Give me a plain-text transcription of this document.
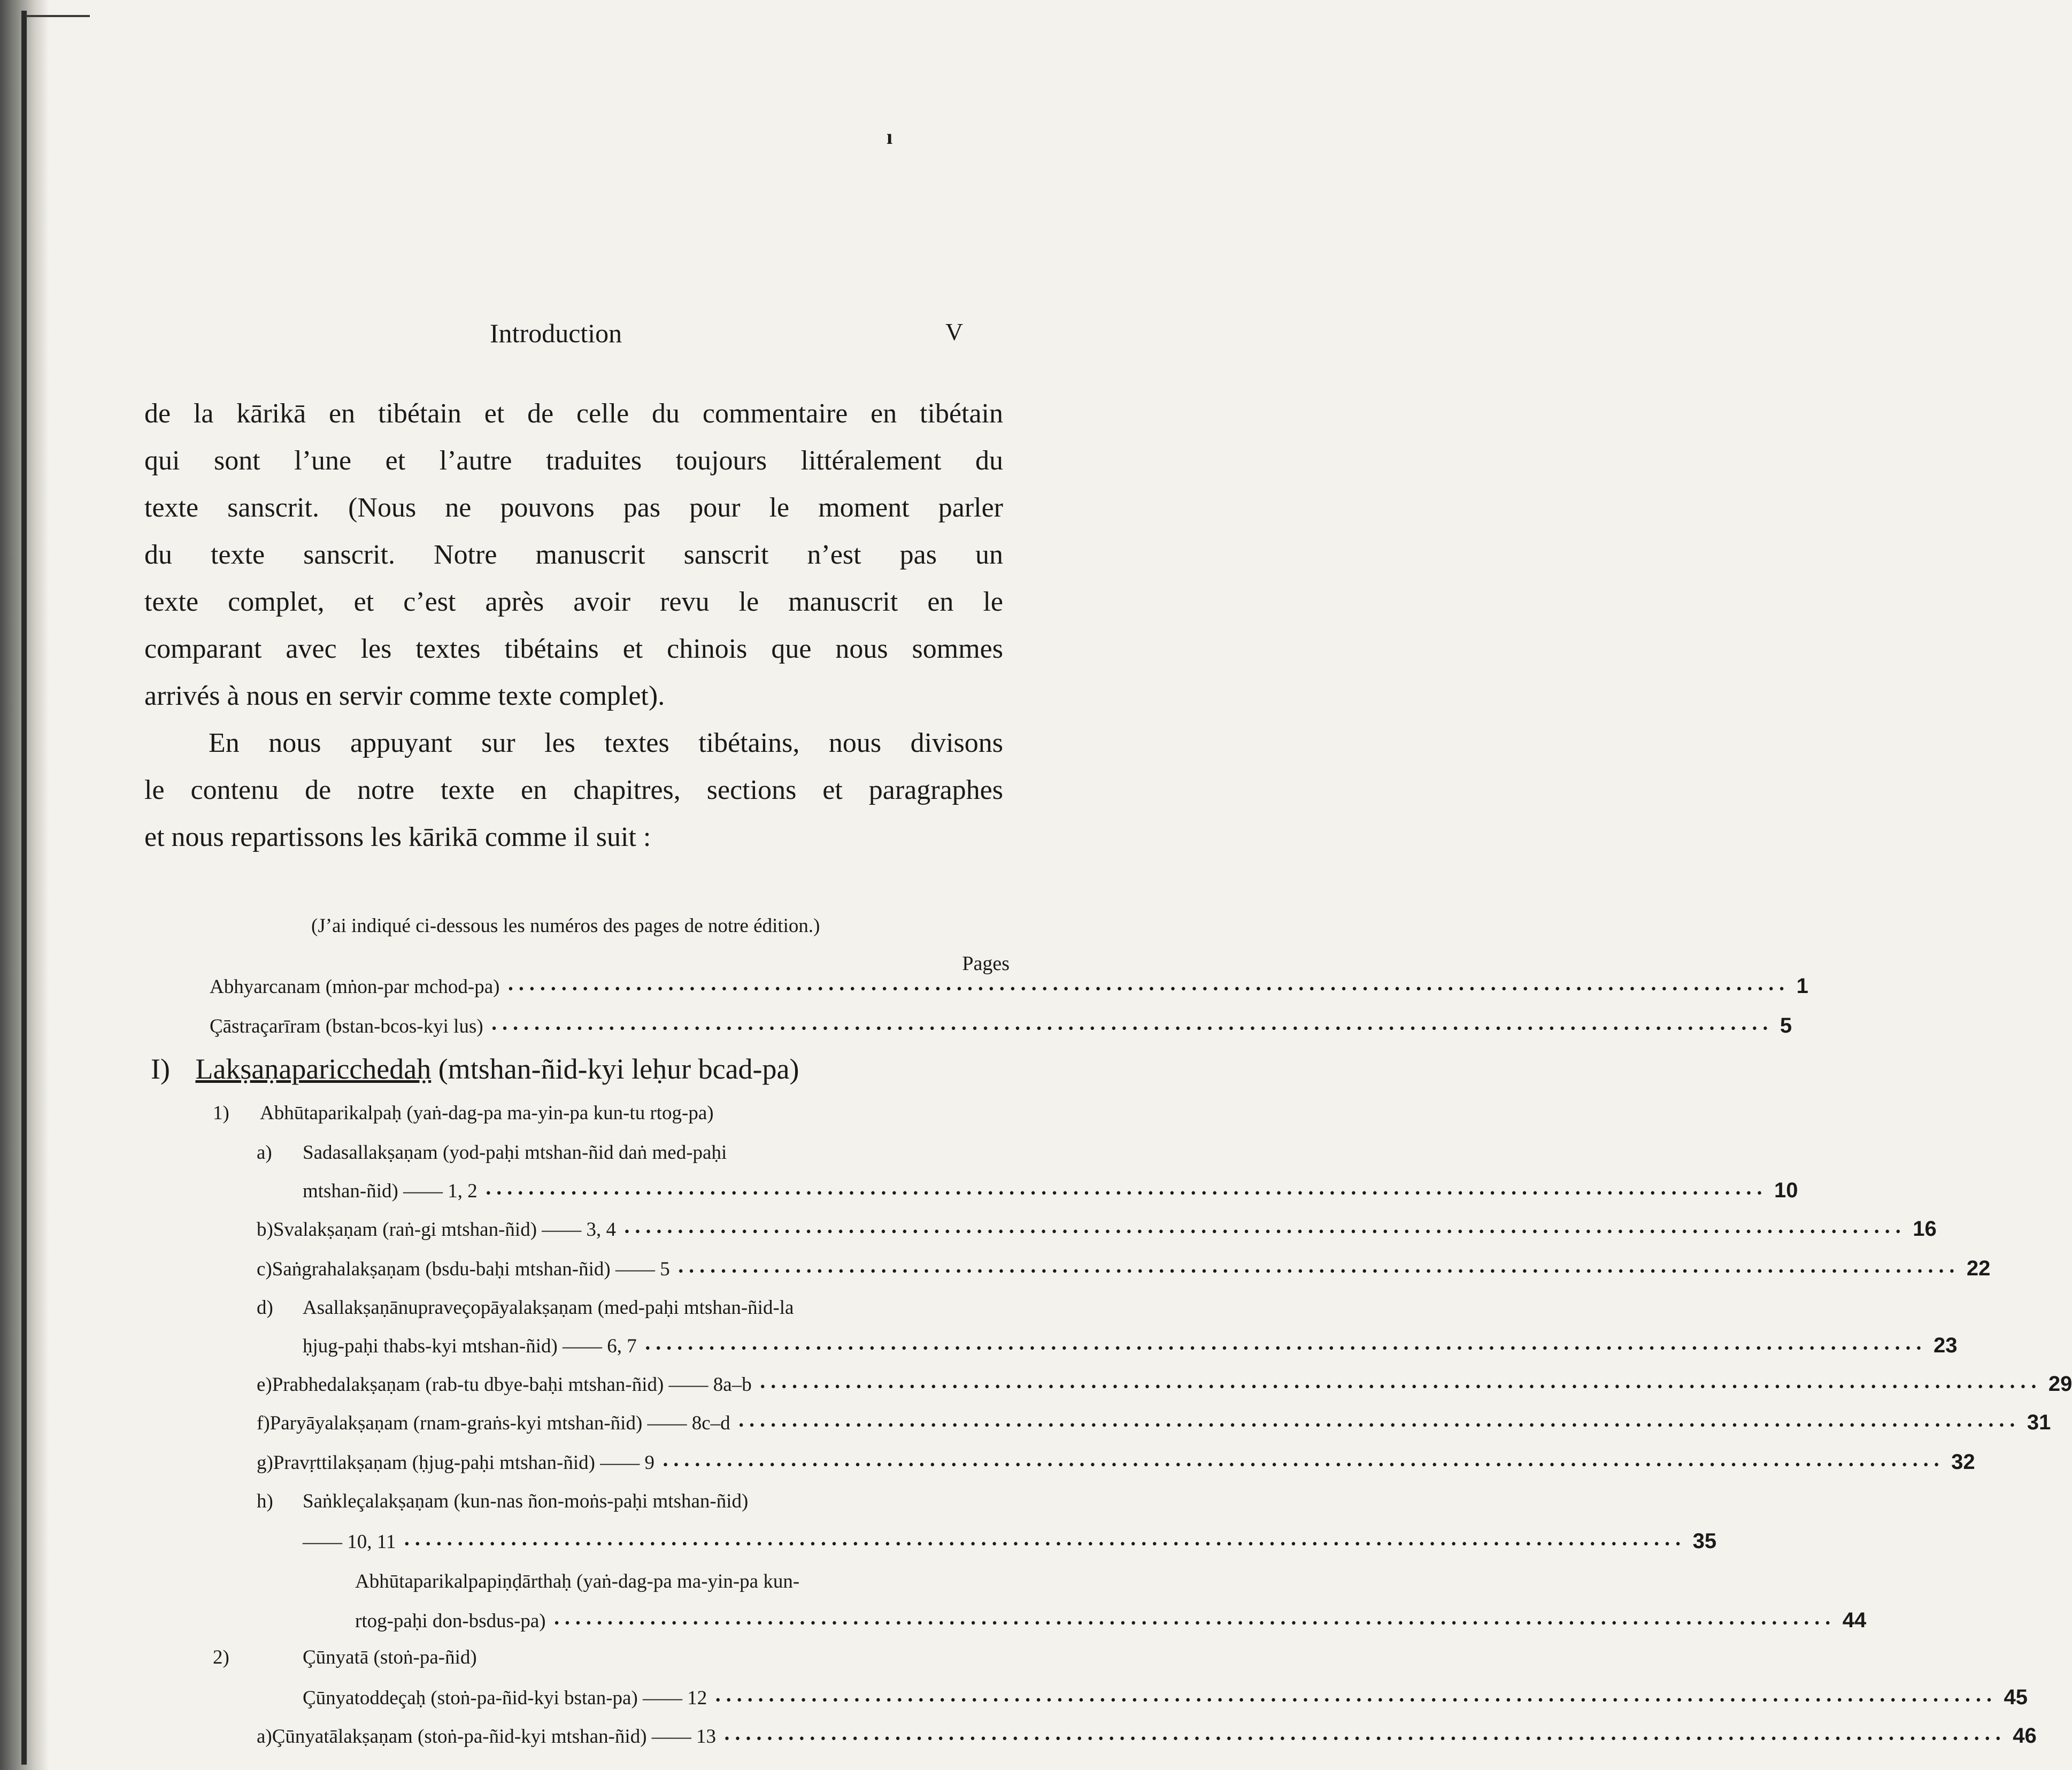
ı
Introduction	V
de la kārikā en tibétain et de celle du commentaire en tibétain
qui sont l’une et l’autre traduites toujours littéralement du
texte sanscrit. (Nous ne pouvons pas pour le moment parler
du texte sanscrit. Notre manuscrit sanscrit n’est pas un
texte complet, et c’est après avoir revu le manuscrit en le
comparant avec les textes tibétains et chinois que nous sommes
arrivés à nous en servir comme texte complet).
En nous appuyant sur les textes tibétains, nous divisons
le contenu de notre texte en chapitres, sections et paragraphes
et nous repartissons les kārikā comme il suit :
(J’ai indiqué ci-dessous les numéros des pages de notre édition.)
Pages
Abhyarcanam (mṅon-par mchod-pa) •••••••••••••••••••••••••••••••••••••••••••••••••••••••••••••••••••••••••••••••••••••••••••••••••••••••••••••••••••••••• 1
Çāstraçarīram (bstan-bcos-kyi lus) •••••••••••••••••••••••••••••••••••••••••••••••••••••••••••••••••••••••••••••••••••••••••••••••••••••••••••••••••••••••• 5
I) Lakṣaṇaparicchedaḥ (mtshan-ñid-kyi leḥur bcad-pa)
1)	Abhūtaparikalpaḥ (yaṅ-dag-pa ma-yin-pa kun-tu rtog-pa)
a)	Sadasallakṣaṇam (yod-paḥi mtshan-ñid daṅ med-paḥi
mtshan-ñid) —— 1, 2 •••••••••••••••••••••••••••••••••••••••••••••••••••••••••••••••••••••••••••••••••••••••••••••••••••••••••••••••••••••••• 10
b) Svalakṣaṇam (raṅ-gi mtshan-ñid) —— 3, 4 •••••••••••••••••••••••••••••••••••••••••••••••••••••••••••••••••••••••••••••••••••••••••••••••••••••••••••••••••••••••• 16
c) Saṅgrahalakṣaṇam (bsdu-baḥi mtshan-ñid) —— 5 •••••••••••••••••••••••••••••••••••••••••••••••••••••••••••••••••••••••••••••••••••••••••••••••••••••••••••••••••••••••• 22
d)	Asallakṣaṇānupraveçopāyalakṣaṇam (med-paḥi mtshan-ñid-la
ḥjug-paḥi thabs-kyi mtshan-ñid) —— 6, 7 •••••••••••••••••••••••••••••••••••••••••••••••••••••••••••••••••••••••••••••••••••••••••••••••••••••••••••••••••••••••• 23
e) Prabhedalakṣaṇam (rab-tu dbye-baḥi mtshan-ñid) —— 8a–b •••••••••••••••••••••••••••••••••••••••••••••••••••••••••••••••••••••••••••••••••••••••••••••••••••••••••••••••••••••••• 29
f) Paryāyalakṣaṇam (rnam-graṅs-kyi mtshan-ñid) —— 8c–d •••••••••••••••••••••••••••••••••••••••••••••••••••••••••••••••••••••••••••••••••••••••••••••••••••••••••••••••••••••••• 31
g) Pravṛttilakṣaṇam (ḥjug-paḥi mtshan-ñid) —— 9 •••••••••••••••••••••••••••••••••••••••••••••••••••••••••••••••••••••••••••••••••••••••••••••••••••••••••••••••••••••••• 32
h)	Saṅkleçalakṣaṇam (kun-nas ñon-moṅs-paḥi mtshan-ñid)
—— 10, 11 •••••••••••••••••••••••••••••••••••••••••••••••••••••••••••••••••••••••••••••••••••••••••••••••••••••••••••••••••••••••• 35
Abhūtaparikalpapiṇḍārthaḥ (yaṅ-dag-pa ma-yin-pa kun-
rtog-paḥi don-bsdus-pa) •••••••••••••••••••••••••••••••••••••••••••••••••••••••••••••••••••••••••••••••••••••••••••••••••••••••••••••••••••••••• 44
2)	Çūnyatā (stoṅ-pa-ñid)
Çūnyatoddeçaḥ (stoṅ-pa-ñid-kyi bstan-pa) —— 12 •••••••••••••••••••••••••••••••••••••••••••••••••••••••••••••••••••••••••••••••••••••••••••••••••••••••••••••••••••••••• 45
a) Çūnyatālakṣaṇam (stoṅ-pa-ñid-kyi mtshan-ñid) —— 13 •••••••••••••••••••••••••••••••••••••••••••••••••••••••••••••••••••••••••••••••••••••••••••••••••••••••••••••••••••••••• 46
